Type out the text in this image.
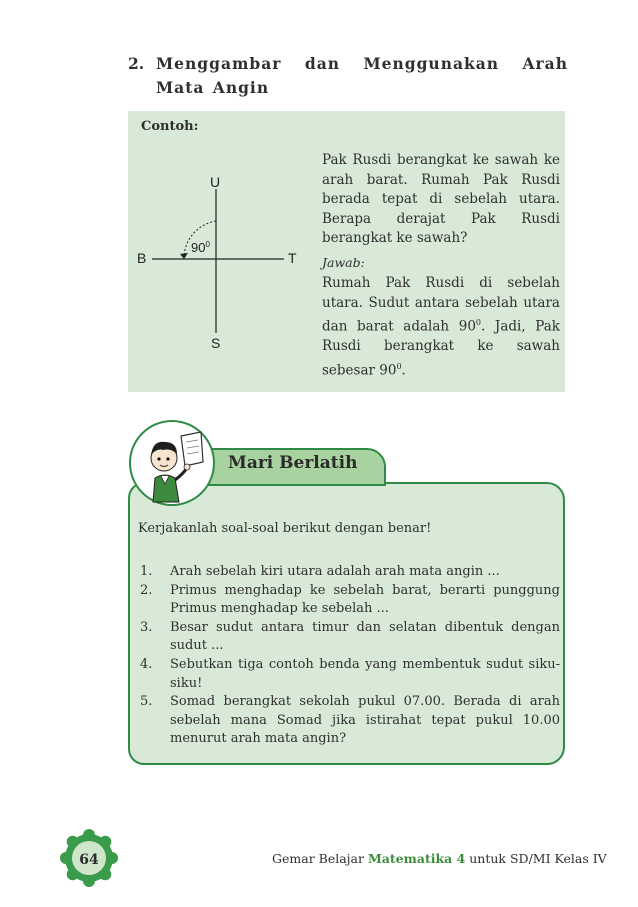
2. Menggambar dan Menggunakan Arah Mata Angin
Contoh:
U
S
T
B
$90^0$

Pak Rusdi berangkat ke sawah ke arah barat. Rumah Pak Rusdi berada tepat di sebelah utara. Berapa derajat Pak Rusdi berangkat ke sawah?

Jawab:

Rumah Pak Rusdi di sebelah utara. Sudut antara sebelah utara dan barat adalah $90^0$. Jadi, Pak Rusdi berangkat ke sawah sebesar $90^0$.

Mari Berlatih
Kerjakanlah soal-soal berikut dengan benar!
1. Arah sebelah kiri utara adalah arah mata angin ...
2. Primus menghadap ke sebelah barat, berarti punggung Primus menghadap ke sebelah ...
3. Besar sudut antara timur dan selatan dibentuk dengan sudut ...
4. Sebutkan tiga contoh benda yang membentuk sudut siku-siku!
5. Somad berangkat sekolah pukul 07.00. Berada di arah sebelah mana Somad jika istirahat tepat pukul 10.00 menurut arah mata angin?
64	Gemar Belajar Matematika 4 untuk SD/MI Kelas IV
